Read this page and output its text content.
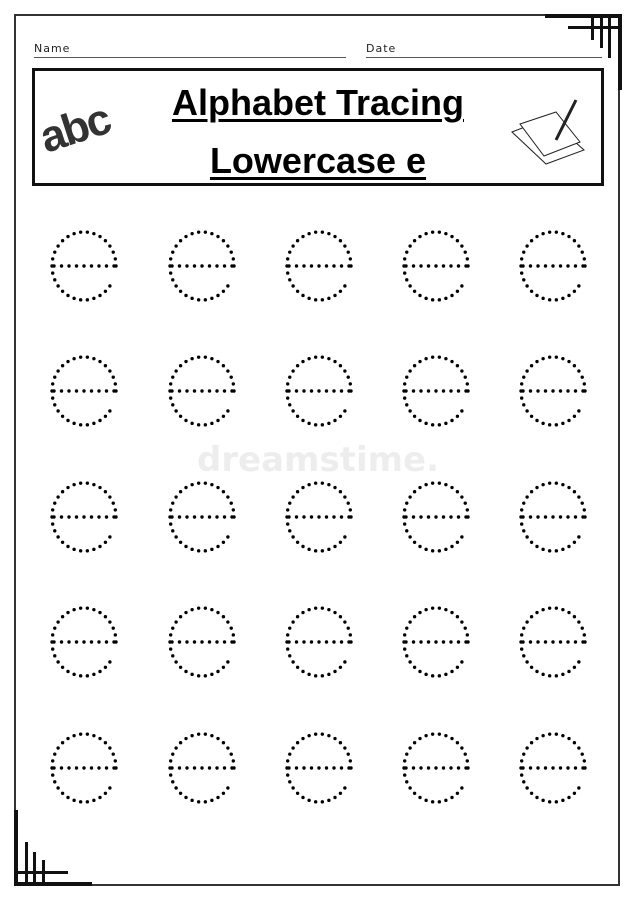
Name	Date
Alphabet Tracing
Lowercase e
abc
dreamstime.
